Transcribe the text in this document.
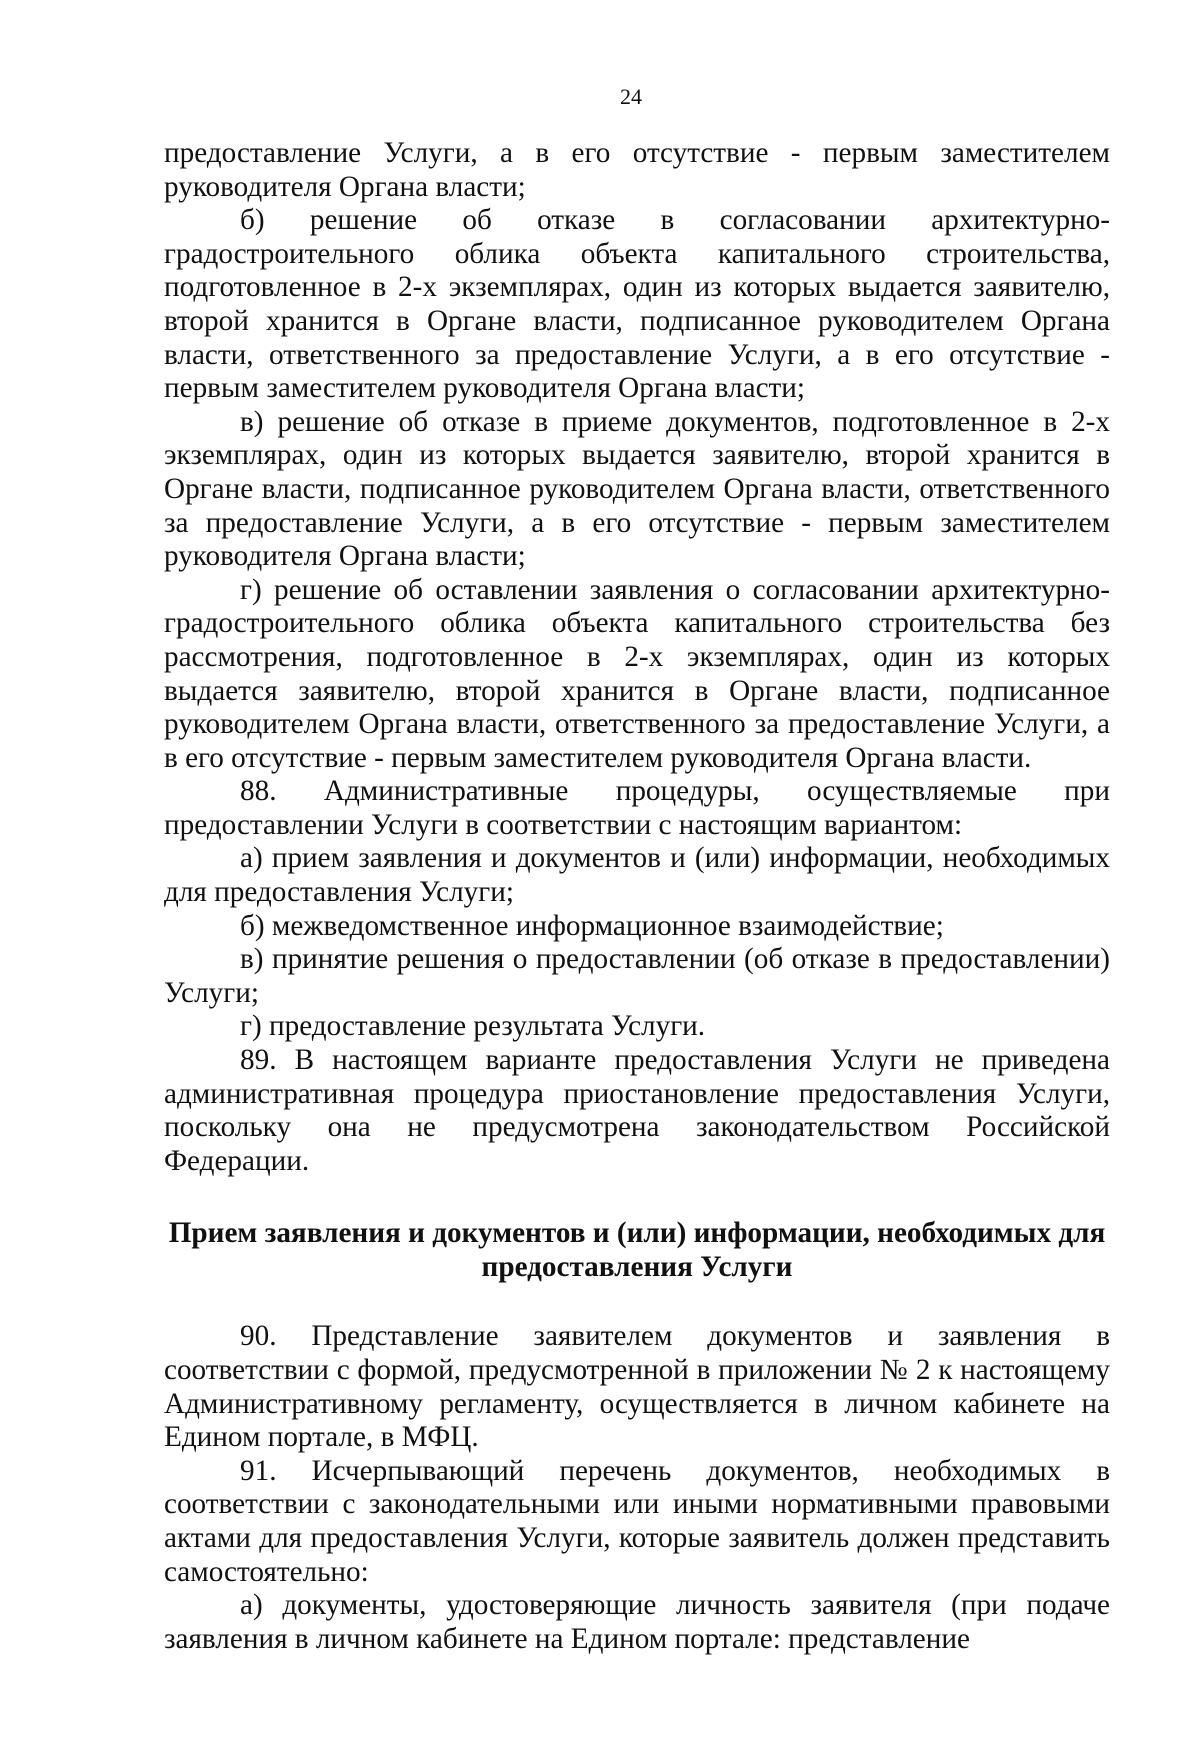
24

предоставление Услуги, а в его отсутствие - первым заместителем руководителя Органа власти;

б) решение об отказе в согласовании архитектурно-градостроительного облика объекта капитального строительства, подготовленное в 2-х экземплярах, один из которых выдается заявителю, второй хранится в Органе власти, подписанное руководителем Органа власти, ответственного за предоставление Услуги, а в его отсутствие - первым заместителем руководителя Органа власти;

в) решение об отказе в приеме документов, подготовленное в 2-х экземплярах, один из которых выдается заявителю, второй хранится в Органе власти, подписанное руководителем Органа власти, ответственного за предоставление Услуги, а в его отсутствие - первым заместителем руководителя Органа власти;

г) решение об оставлении заявления о согласовании архитектурно-градостроительного облика объекта капитального строительства без рассмотрения, подготовленное в 2-х экземплярах, один из которых выдается заявителю, второй хранится в Органе власти, подписанное руководителем Органа власти, ответственного за предоставление Услуги, а в его отсутствие - первым заместителем руководителя Органа власти.

88. Административные процедуры, осуществляемые при предоставлении Услуги в соответствии с настоящим вариантом:

а) прием заявления и документов и (или) информации, необходимых для предоставления Услуги;

б) межведомственное информационное взаимодействие;

в) принятие решения о предоставлении (об отказе в предоставлении) Услуги;

г) предоставление результата Услуги.

89. В настоящем варианте предоставления Услуги не приведена административная процедура приостановление предоставления Услуги, поскольку она не предусмотрена законодательством Российской Федерации.

Прием заявления и документов и (или) информации, необходимых для предоставления Услуги

90. Представление заявителем документов и заявления в соответствии с формой, предусмотренной в приложении № 2 к настоящему Административному регламенту, осуществляется в личном кабинете на Едином портале, в МФЦ.

91. Исчерпывающий перечень документов, необходимых в соответствии с законодательными или иными нормативными правовыми актами для предоставления Услуги, которые заявитель должен представить самостоятельно:

а) документы, удостоверяющие личность заявителя (при подаче заявления в личном кабинете на Едином портале: представление
